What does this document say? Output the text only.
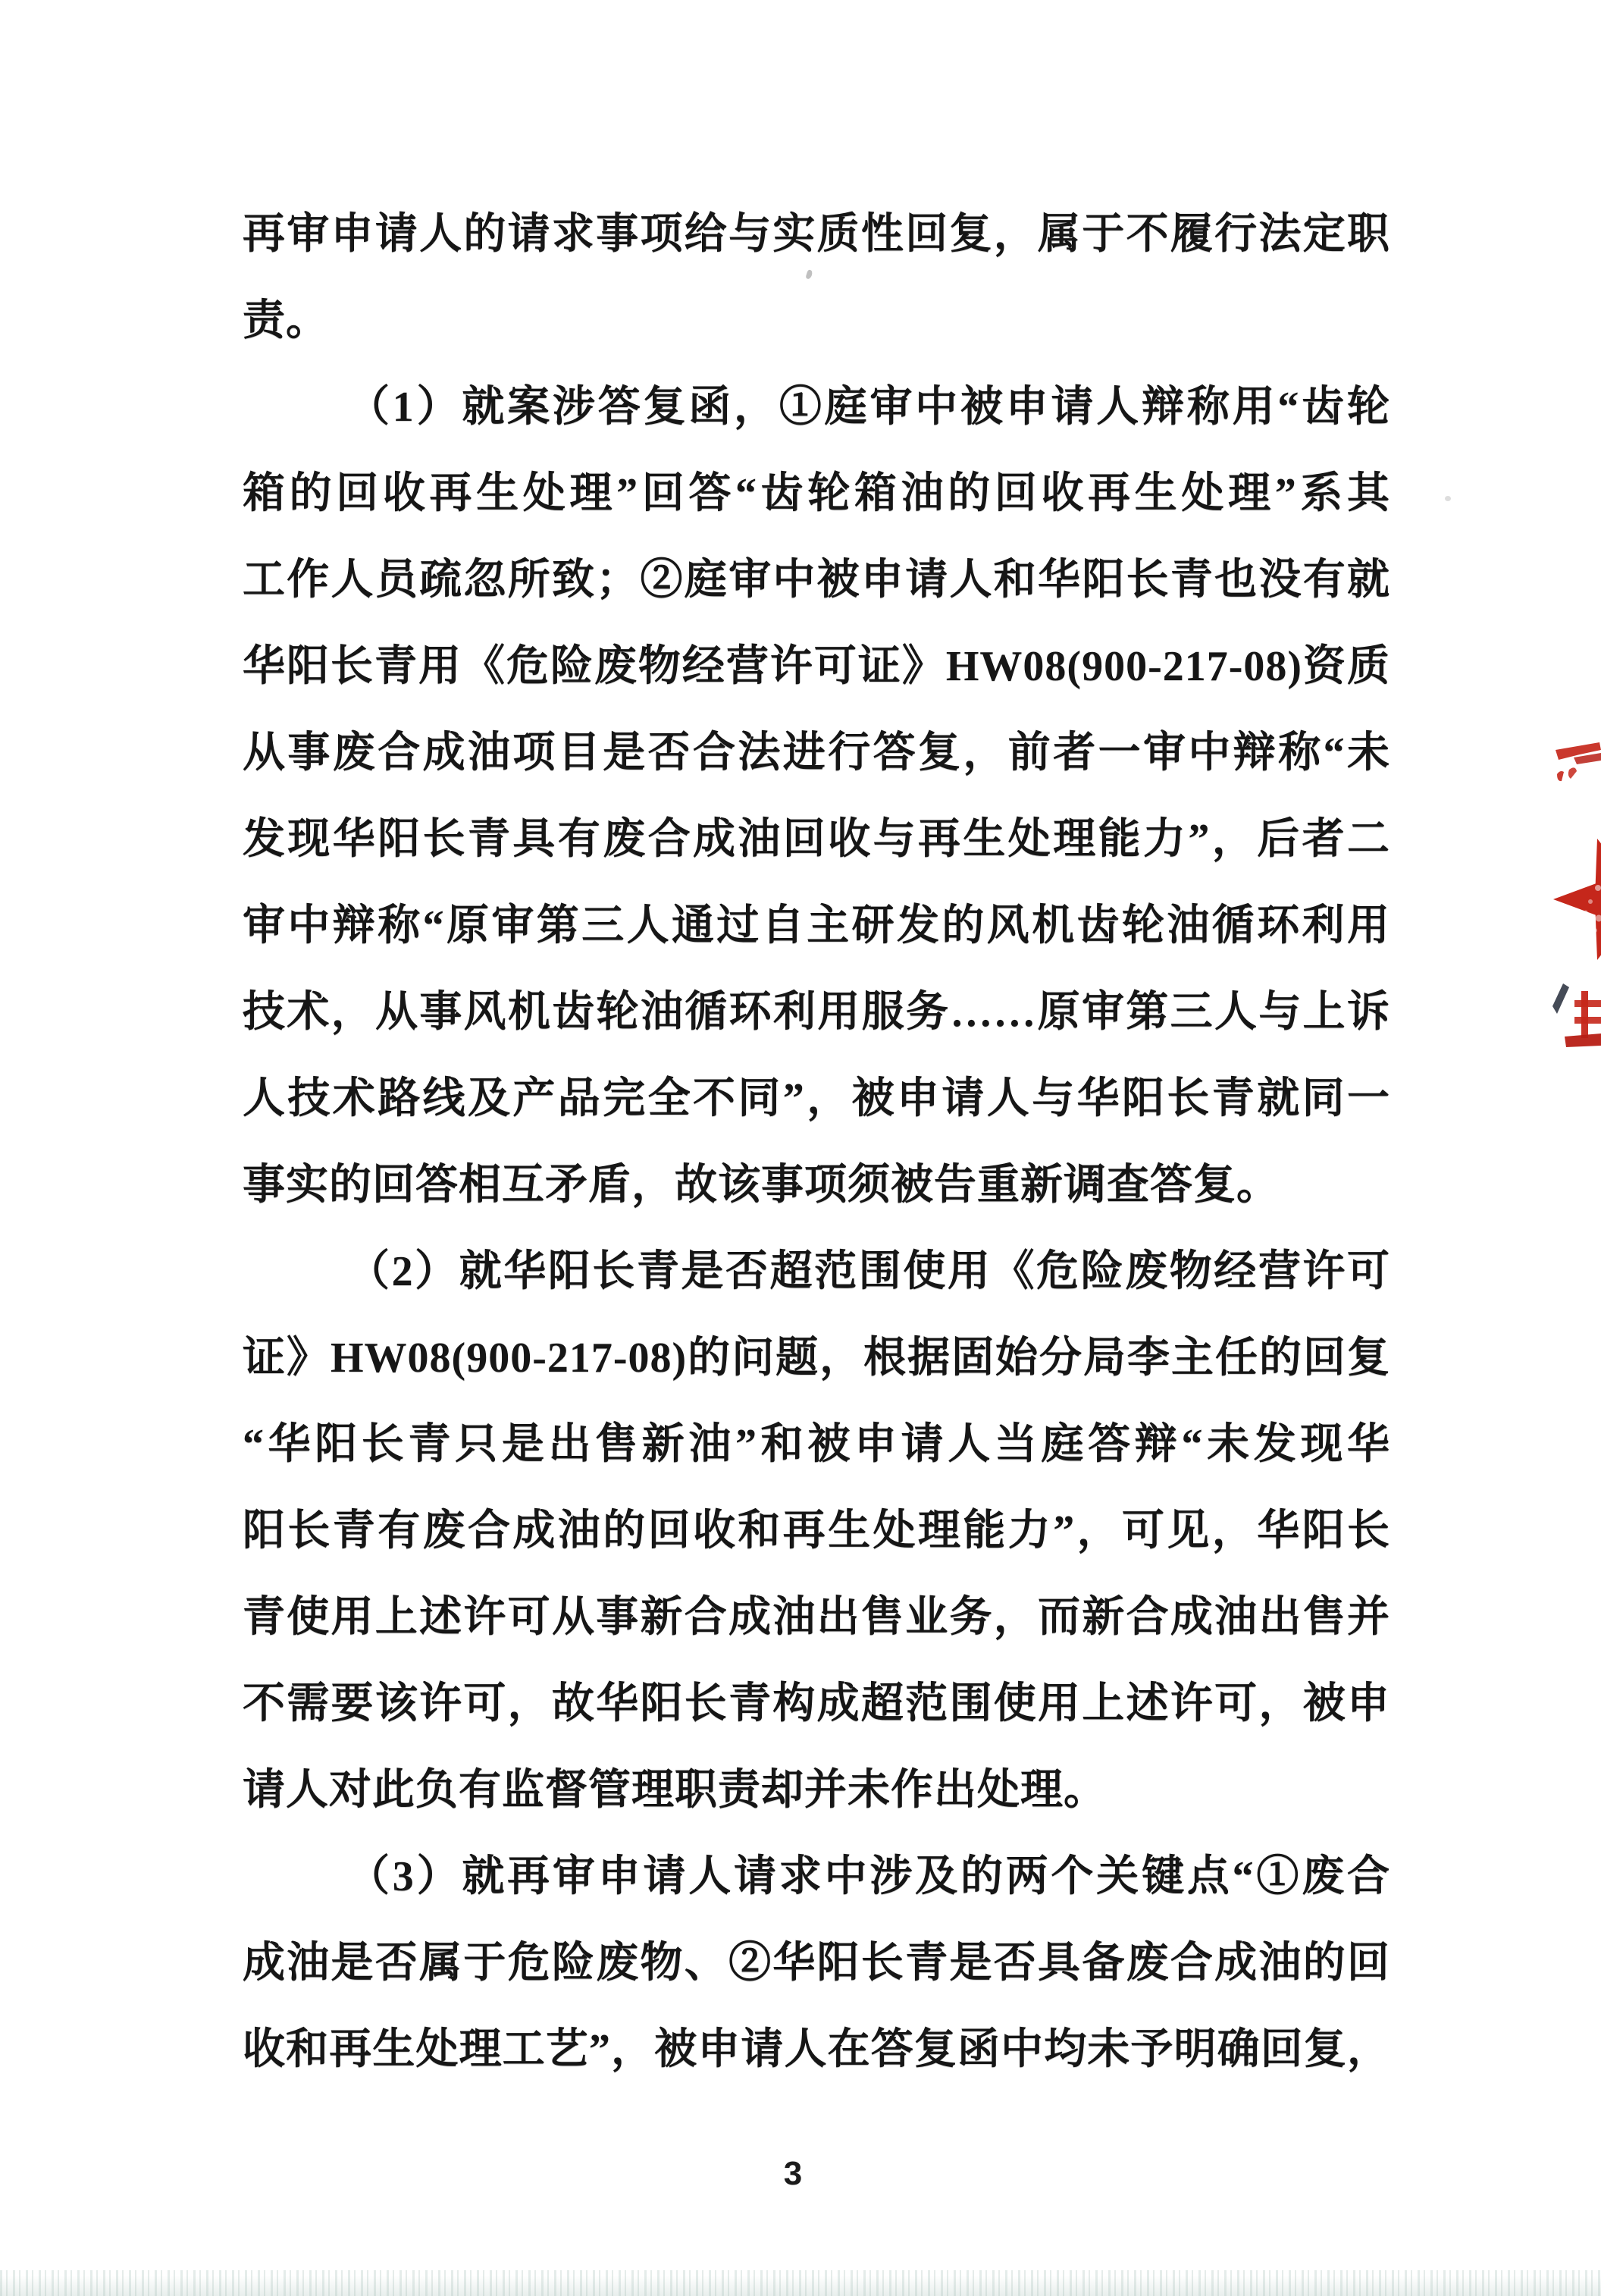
再审申请人的请求事项给与实质性回复，属于不履行法定职
责。
（1）就案涉答复函，①庭审中被申请人辩称用“齿轮
箱的回收再生处理”回答“齿轮箱油的回收再生处理”系其
工作人员疏忽所致；②庭审中被申请人和华阳长青也没有就
华阳长青用《危险废物经营许可证》HW08(900-217-08)资质
从事废合成油项目是否合法进行答复，前者一审中辩称“未
发现华阳长青具有废合成油回收与再生处理能力”，后者二
审中辩称“原审第三人通过自主研发的风机齿轮油循环利用
技术，从事风机齿轮油循环利用服务……原审第三人与上诉
人技术路线及产品完全不同”，被申请人与华阳长青就同一
事实的回答相互矛盾，故该事项须被告重新调查答复。
（2）就华阳长青是否超范围使用《危险废物经营许可
证》HW08(900-217-08)的问题，根据固始分局李主任的回复
“华阳长青只是出售新油”和被申请人当庭答辩“未发现华
阳长青有废合成油的回收和再生处理能力”，可见，华阳长
青使用上述许可从事新合成油出售业务，而新合成油出售并
不需要该许可，故华阳长青构成超范围使用上述许可，被申
请人对此负有监督管理职责却并未作出处理。
（3）就再审申请人请求中涉及的两个关键点“①废合
成油是否属于危险废物、②华阳长青是否具备废合成油的回
收和再生处理工艺”，被申请人在答复函中均未予明确回复，
3
